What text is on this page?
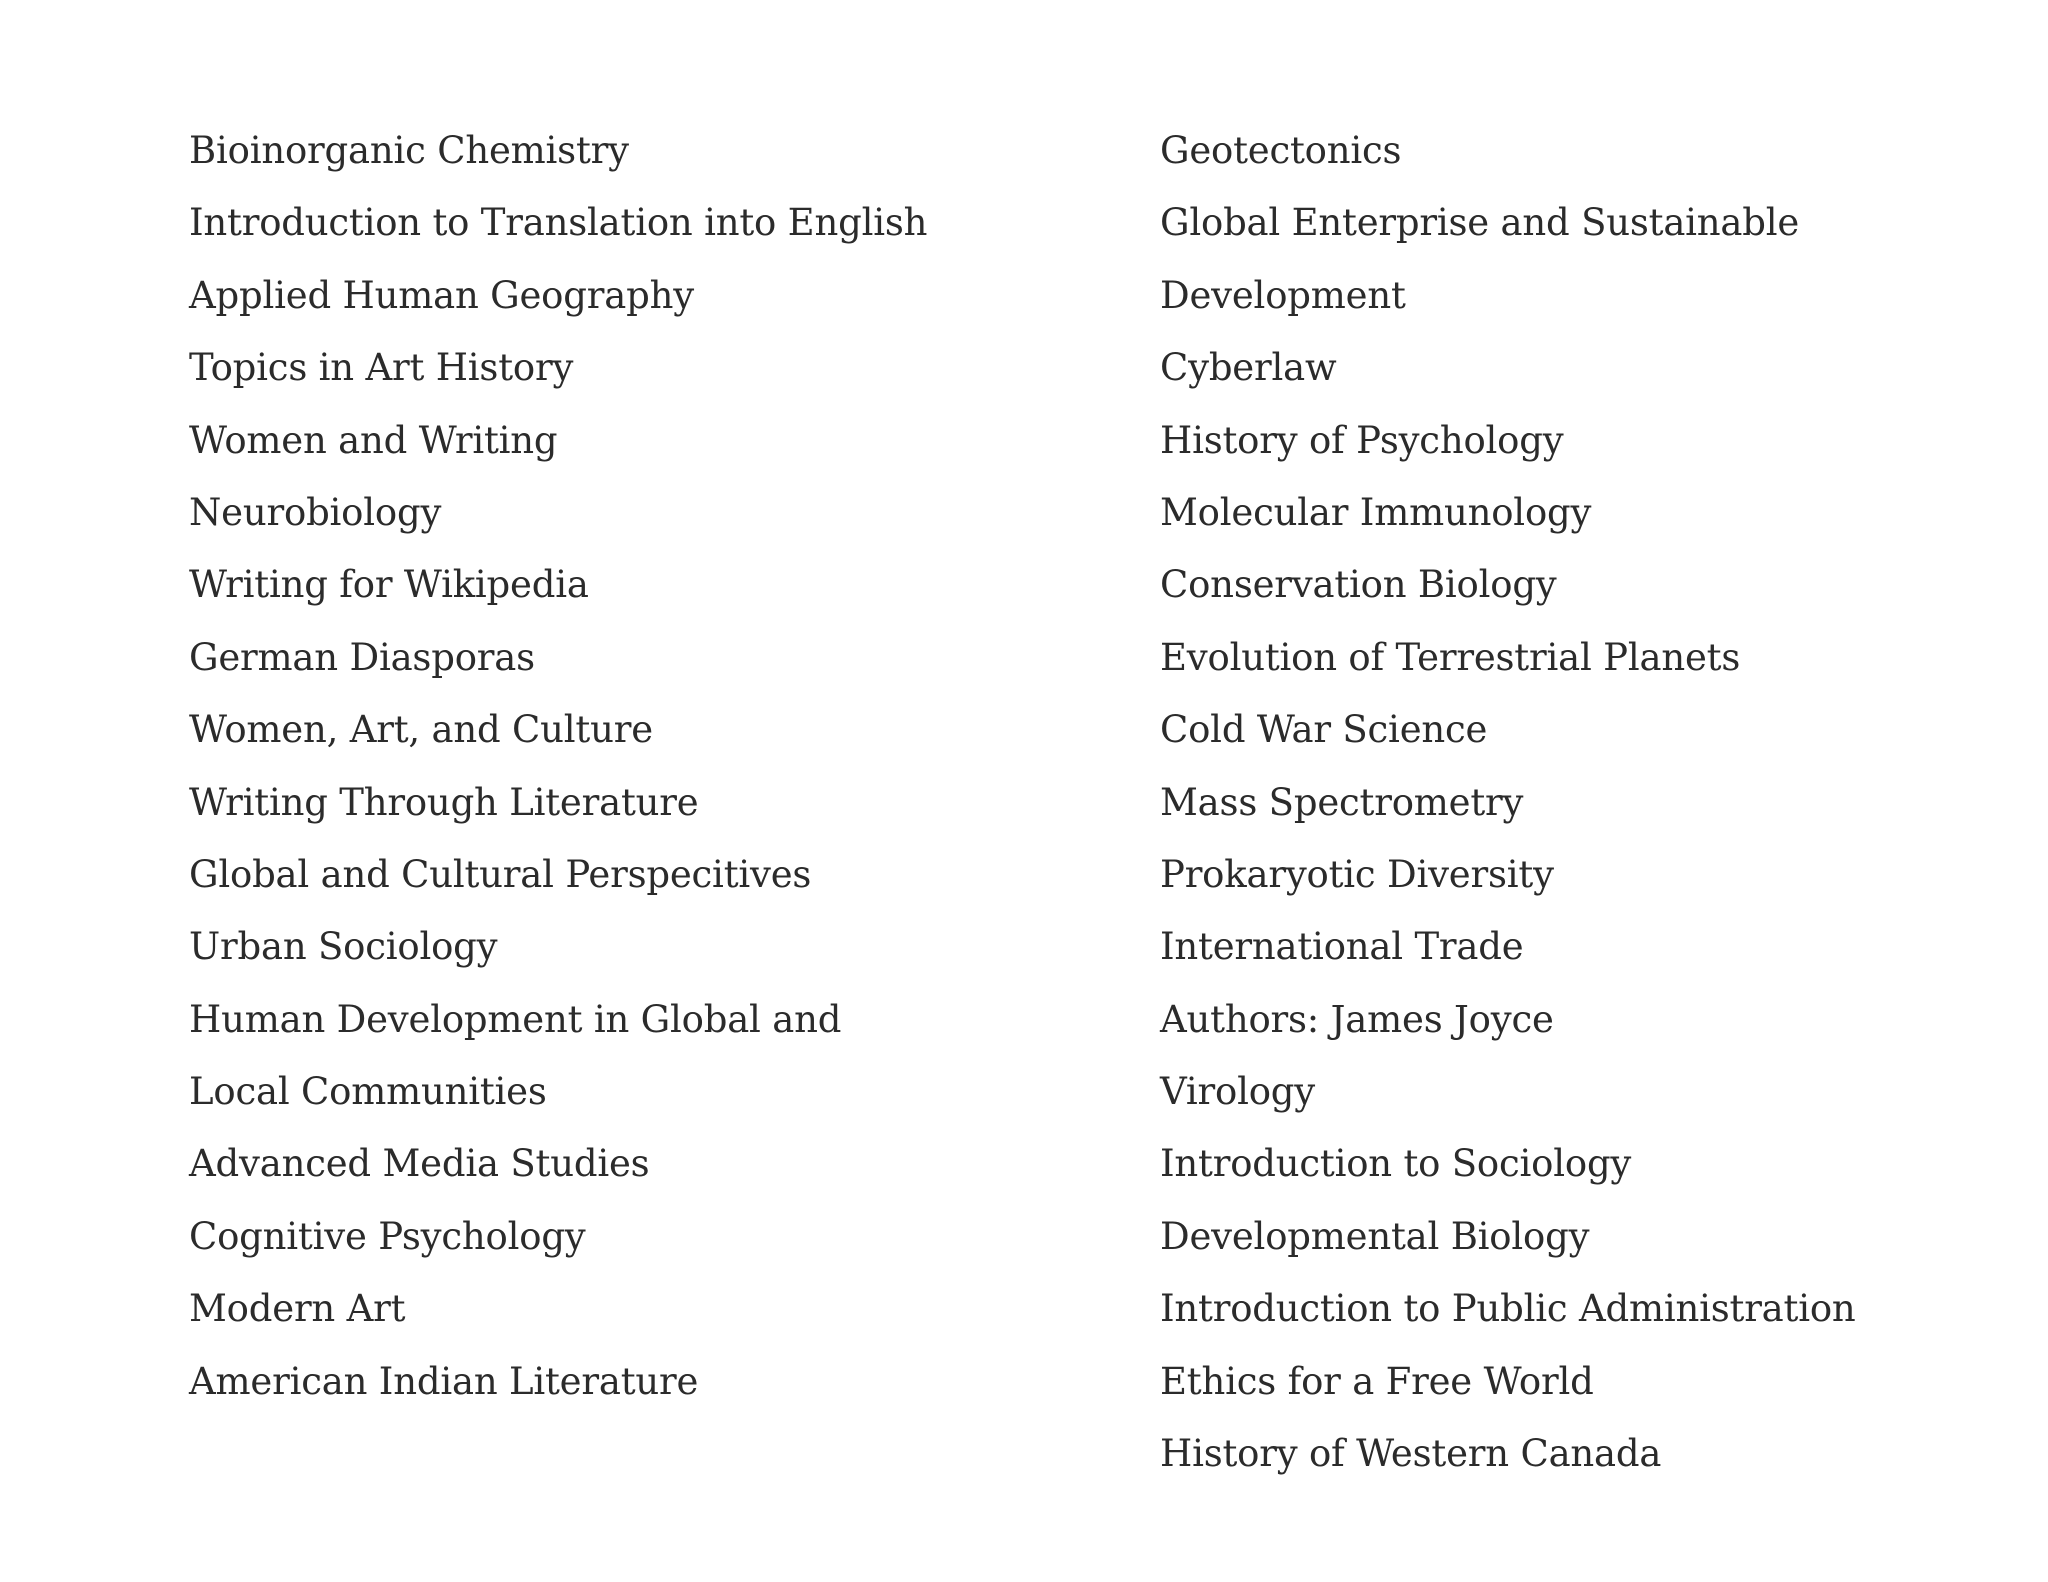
Bioinorganic Chemistry
Introduction to Translation into English
Applied Human Geography
Topics in Art History
Women and Writing
Neurobiology
Writing for Wikipedia
German Diasporas
Women, Art, and Culture
Writing Through Literature
Global and Cultural Perspecitives
Urban Sociology
Human Development in Global and
Local Communities
Advanced Media Studies
Cognitive Psychology
Modern Art
American Indian Literature
Geotectonics
Global Enterprise and Sustainable
Development
Cyberlaw
History of Psychology
Molecular Immunology
Conservation Biology
Evolution of Terrestrial Planets
Cold War Science
Mass Spectrometry
Prokaryotic Diversity
International Trade
Authors: James Joyce
Virology
Introduction to Sociology
Developmental Biology
Introduction to Public Administration
Ethics for a Free World
History of Western Canada
